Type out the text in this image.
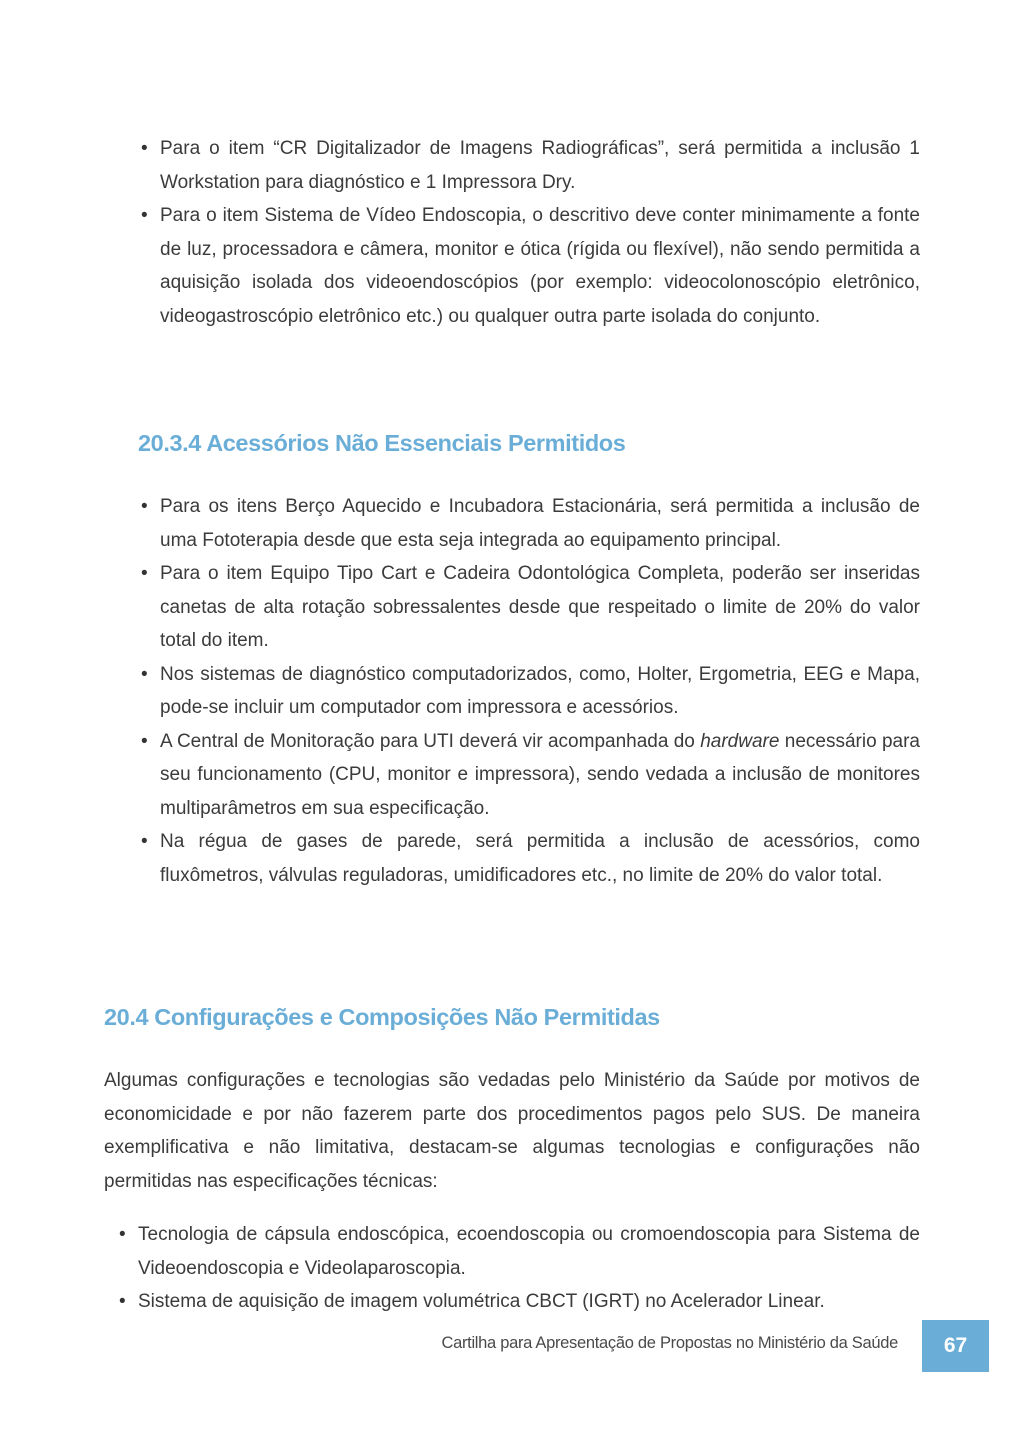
• Para o item “CR Digitalizador de Imagens Radiográficas”, será permitida a inclusão 1 Workstation para diagnóstico e 1 Impressora Dry.
• Para o item Sistema de Vídeo Endoscopia, o descritivo deve conter minimamente a fonte de luz, processadora e câmera, monitor e ótica (rígida ou flexível), não sendo permitida a aquisição isolada dos videoendoscópios (por exemplo: videocolonoscópio eletrônico, videogastroscópio eletrônico etc.) ou qualquer outra parte isolada do conjunto.
20.3.4 Acessórios Não Essenciais Permitidos
• Para os itens Berço Aquecido e Incubadora Estacionária, será permitida a inclusão de uma Fototerapia desde que esta seja integrada ao equipamento principal.
• Para o item Equipo Tipo Cart e Cadeira Odontológica Completa, poderão ser inseridas canetas de alta rotação sobressalentes desde que respeitado o limite de 20% do valor total do item.
• Nos sistemas de diagnóstico computadorizados, como, Holter, Ergometria, EEG e Mapa, pode-se incluir um computador com impressora e acessórios.
• A Central de Monitoração para UTI deverá vir acompanhada do hardware necessário para seu funcionamento (CPU, monitor e impressora), sendo vedada a inclusão de monitores multiparâmetros em sua especificação.
• Na régua de gases de parede, será permitida a inclusão de acessórios, como fluxômetros, válvulas reguladoras, umidificadores etc., no limite de 20% do valor total.
20.4 Configurações e Composições Não Permitidas

Algumas configurações e tecnologias são vedadas pelo Ministério da Saúde por motivos de economicidade e por não fazerem parte dos procedimentos pagos pelo SUS. De maneira exemplificativa e não limitativa, destacam-se algumas tecnologias e configurações não permitidas nas especificações técnicas:

• Tecnologia de cápsula endoscópica, ecoendoscopia ou cromoendoscopia para Sistema de Videoendoscopia e Videolaparoscopia.
• Sistema de aquisição de imagem volumétrica CBCT (IGRT) no Acelerador Linear.
Cartilha para Apresentação de Propostas no Ministério da Saúde 67
